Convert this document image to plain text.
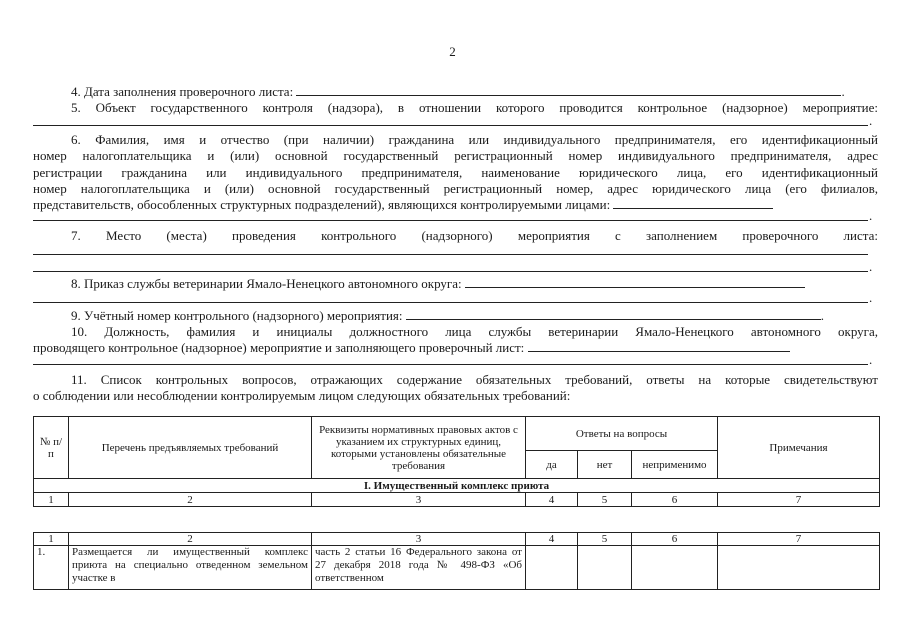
2
4. Дата заполнения проверочного листа:	.
5. Объект государственного контроля (надзора), в отношении которого проводится контрольное (надзорное) мероприятие:
.
6. Фамилия, имя и отчество (при наличии) гражданина или индивидуального предпринимателя, его идентификационный
номер налогоплательщика и (или) основной государственный регистрационный номер индивидуального предпринимателя, адрес
регистрации гражданина или индивидуального предпринимателя, наименование юридического лица, его идентификационный
номер налогоплательщика и (или) основной государственный регистрационный номер, адрес юридического лица (его филиалов,
представительств, обособленных структурных подразделений), являющихся контролируемыми лицами:
.
7. Место (места) проведения контрольного (надзорного) мероприятия с заполнением проверочного листа:
.
8. Приказ службы ветеринарии Ямало-Ненецкого автономного округа:
.
9. Учётный номер контрольного (надзорного) мероприятия:	.
10. Должность, фамилия и инициалы должностного лица службы ветеринарии Ямало-Ненецкого автономного округа,
проводящего контрольное (надзорное) мероприятие и заполняющего проверочный лист:
.
11. Список контрольных вопросов, отражающих содержание обязательных требований, ответы на которые свидетельствуют
о соблюдении или несоблюдении контролируемым лицом следующих обязательных требований:
№ п/п	Перечень предъявляемых требований	Реквизиты нормативных правовых актов с указанием их структурных единиц, которыми установлены обязательные требования	Ответы на вопросы			Примечания
			да	нет	неприменимо	
I. Имущественный комплекс приюта						
1	2	3	4	5	6	7
1	2	3	4	5	6	7
1.	Размещается ли имущественный комплекс приюта на специально отведенном земельном участке в	часть 2 статьи 16 Федерального закона от 27 декабря 2018 года № 498-ФЗ «Об ответственном				
